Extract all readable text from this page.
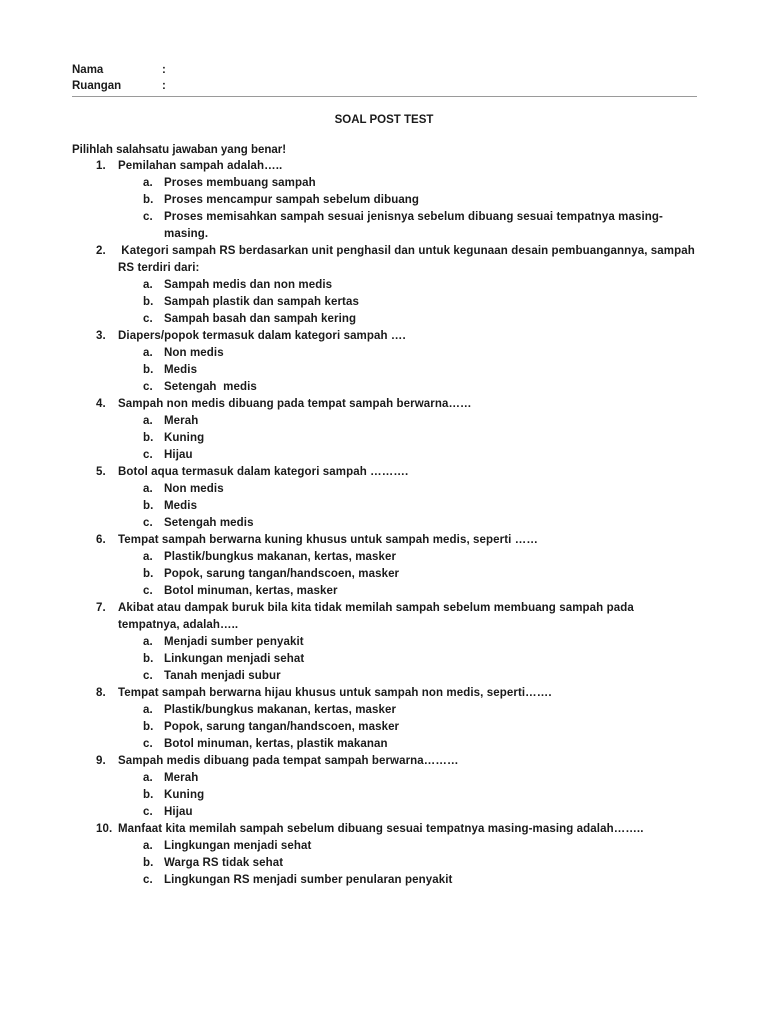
Nama	:
Ruangan	:
SOAL POST TEST
Pilihlah salahsatu jawaban yang benar!
1.	Pemilahan sampah adalah…..
a. Proses membuang sampah
b. Proses mencampur sampah sebelum dibuang
c. Proses memisahkan sampah sesuai jenisnya sebelum dibuang sesuai tempatnya masing-masing.
2.	Kategori sampah RS berdasarkan unit penghasil dan untuk kegunaan desain pembuangannya, sampah RS terdiri dari:
a. Sampah medis dan non medis
b. Sampah plastik dan sampah kertas
c. Sampah basah dan sampah kering
3.	Diapers/popok termasuk dalam kategori sampah ….
a. Non medis
b. Medis
c. Setengah  medis
4.	Sampah non medis dibuang pada tempat sampah berwarna……
a. Merah
b. Kuning
c. Hijau
5.	Botol aqua termasuk dalam kategori sampah ……….
a. Non medis
b. Medis
c. Setengah medis
6.	Tempat sampah berwarna kuning khusus untuk sampah medis, seperti ……
a. Plastik/bungkus makanan, kertas, masker
b. Popok, sarung tangan/handscoen, masker
c. Botol minuman, kertas, masker
7.	Akibat atau dampak buruk bila kita tidak memilah sampah sebelum membuang sampah pada tempatnya, adalah…..
a. Menjadi sumber penyakit
b. Linkungan menjadi sehat
c. Tanah menjadi subur
8.	Tempat sampah berwarna hijau khusus untuk sampah non medis, seperti…….
a. Plastik/bungkus makanan, kertas, masker
b. Popok, sarung tangan/handscoen, masker
c. Botol minuman, kertas, plastik makanan
9.	Sampah medis dibuang pada tempat sampah berwarna………
a. Merah
b. Kuning
c. Hijau
10. Manfaat kita memilah sampah sebelum dibuang sesuai tempatnya masing-masing adalah……..
a. Lingkungan menjadi sehat
b. Warga RS tidak sehat
c. Lingkungan RS menjadi sumber penularan penyakit
